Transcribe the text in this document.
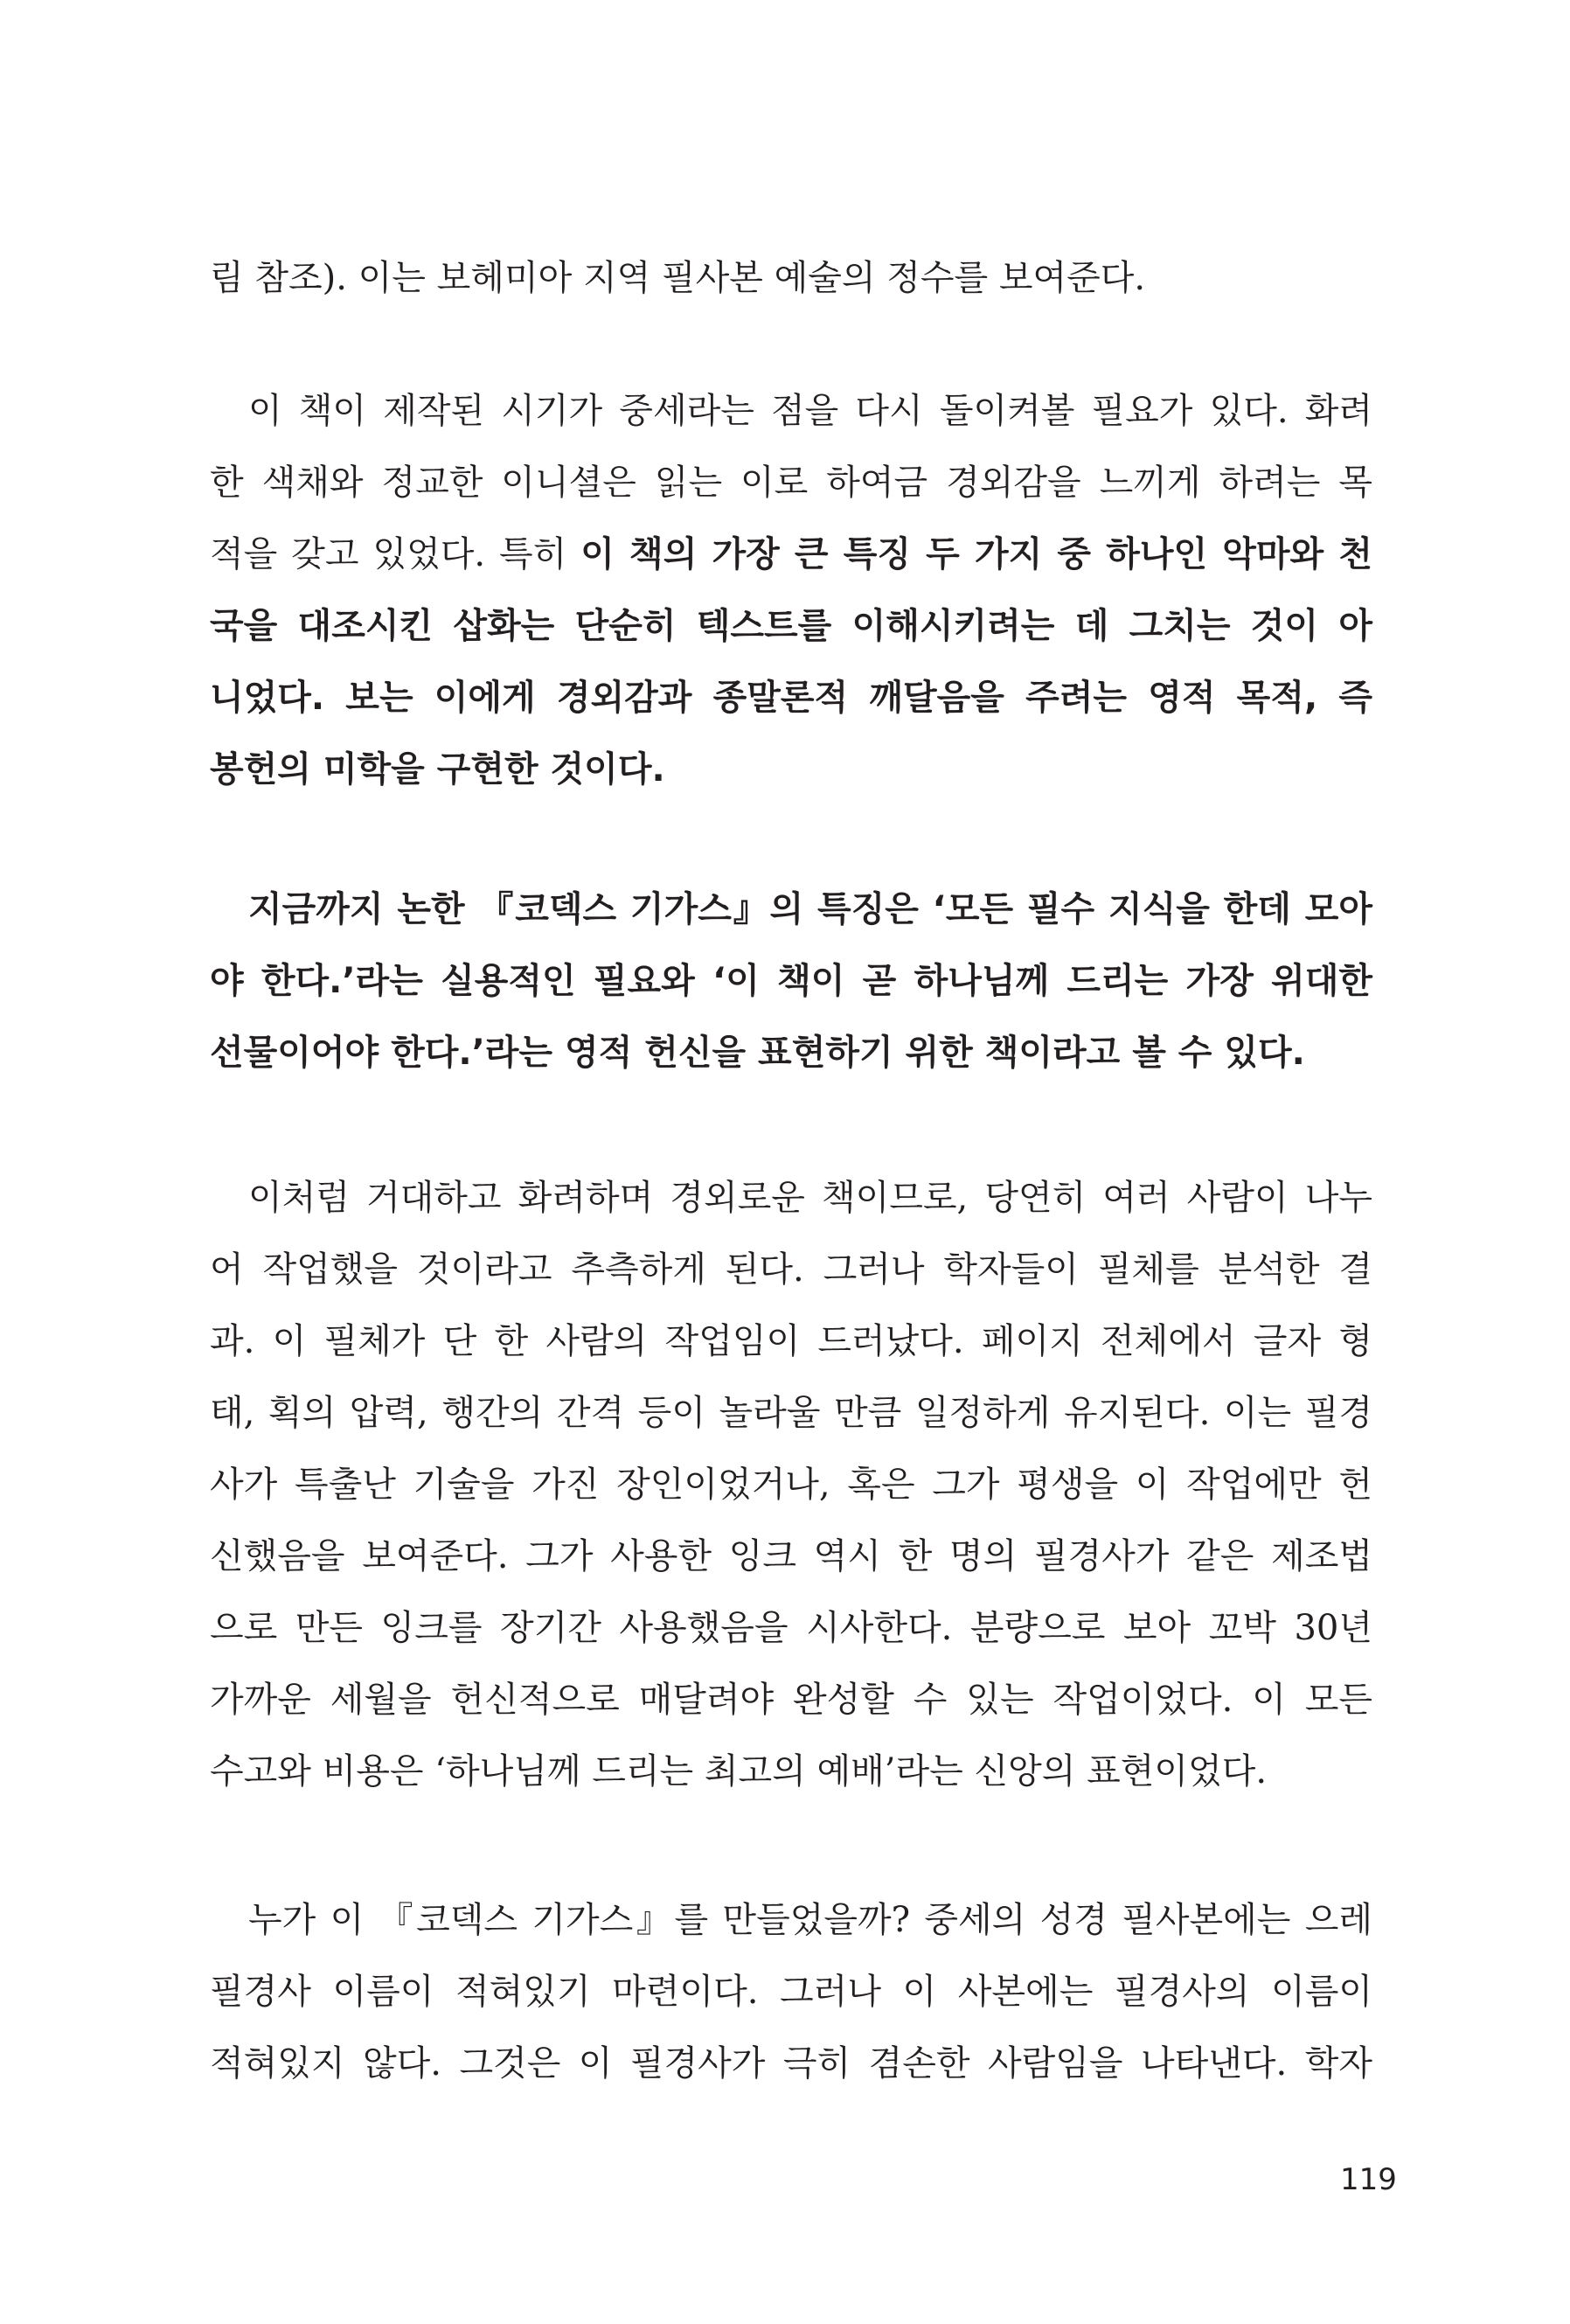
림 참조). 이는 보헤미아 지역 필사본 예술의 정수를 보여준다.
이 책이 제작된 시기가 중세라는 점을 다시 돌이켜볼 필요가 있다. 화려
한 색채와 정교한 이니셜은 읽는 이로 하여금 경외감을 느끼게 하려는 목
적을 갖고 있었다. 특히 이 책의 가장 큰 특징 두 가지 중 하나인 악마와 천
국을 대조시킨 삽화는 단순히 텍스트를 이해시키려는 데 그치는 것이 아
니었다. 보는 이에게 경외감과 종말론적 깨달음을 주려는 영적 목적, 즉
봉헌의 미학을 구현한 것이다.
지금까지 논한 『코덱스 기가스』의 특징은 ‘모든 필수 지식을 한데 모아
야 한다.’라는 실용적인 필요와 ‘이 책이 곧 하나님께 드리는 가장 위대한
선물이어야 한다.’라는 영적 헌신을 표현하기 위한 책이라고 볼 수 있다.
이처럼 거대하고 화려하며 경외로운 책이므로, 당연히 여러 사람이 나누
어 작업했을 것이라고 추측하게 된다. 그러나 학자들이 필체를 분석한 결
과. 이 필체가 단 한 사람의 작업임이 드러났다. 페이지 전체에서 글자 형
태, 획의 압력, 행간의 간격 등이 놀라울 만큼 일정하게 유지된다. 이는 필경
사가 특출난 기술을 가진 장인이었거나, 혹은 그가 평생을 이 작업에만 헌
신했음을 보여준다. 그가 사용한 잉크 역시 한 명의 필경사가 같은 제조법
으로 만든 잉크를 장기간 사용했음을 시사한다. 분량으로 보아 꼬박 30년
가까운 세월을 헌신적으로 매달려야 완성할 수 있는 작업이었다. 이 모든
수고와 비용은 ‘하나님께 드리는 최고의 예배’라는 신앙의 표현이었다.
누가 이 『코덱스 기가스』를 만들었을까? 중세의 성경 필사본에는 으레
필경사 이름이 적혀있기 마련이다. 그러나 이 사본에는 필경사의 이름이
적혀있지 않다. 그것은 이 필경사가 극히 겸손한 사람임을 나타낸다. 학자
119
